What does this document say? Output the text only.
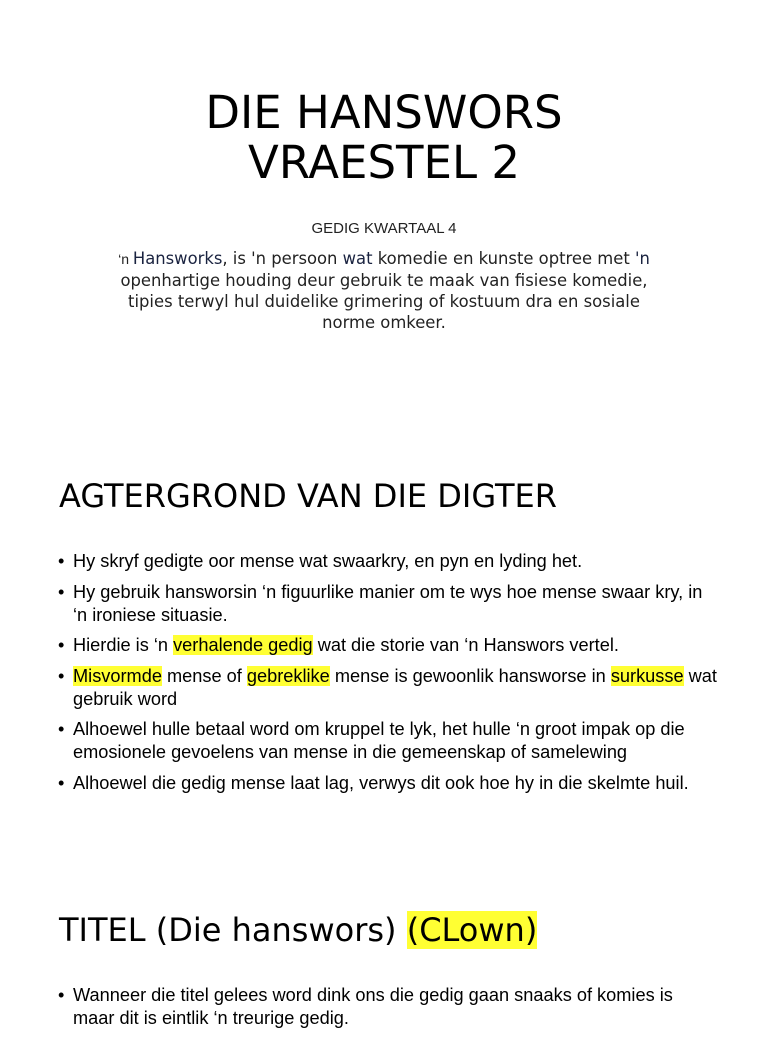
DIE HANSWORS
VRAESTEL 2
GEDIG KWARTAAL 4

‘n Hansworks, is 'n persoon wat komedie en kunste optree met 'n openhartige houding deur gebruik te maak van fisiese komedie, tipies terwyl hul duidelike grimering of kostuum dra en sosiale norme omkeer.

AGTERGROND VAN DIE DIGTER
• Hy skryf gedigte oor mense wat swaarkry, en pyn en lyding het.
• Hy gebruik hansworsin ‘n figuurlike manier om te wys hoe mense swaar kry, in ‘n ironiese situasie.
• Hierdie is ‘n verhalende gedig wat die storie van ‘n Hanswors vertel.
• Misvormde mense of gebreklike mense is gewoonlik hansworse in surkusse wat gebruik word
• Alhoewel hulle betaal word om kruppel te lyk, het hulle ‘n groot impak op die emosionele gevoelens van mense in die gemeenskap of samelewing
• Alhoewel die gedig mense laat lag, verwys dit ook hoe hy in die skelmte huil.
TITEL (Die hanswors) (CLown)
• Wanneer die titel gelees word dink ons die gedig gaan snaaks of komies is maar dit is eintlik ‘n treurige gedig.
